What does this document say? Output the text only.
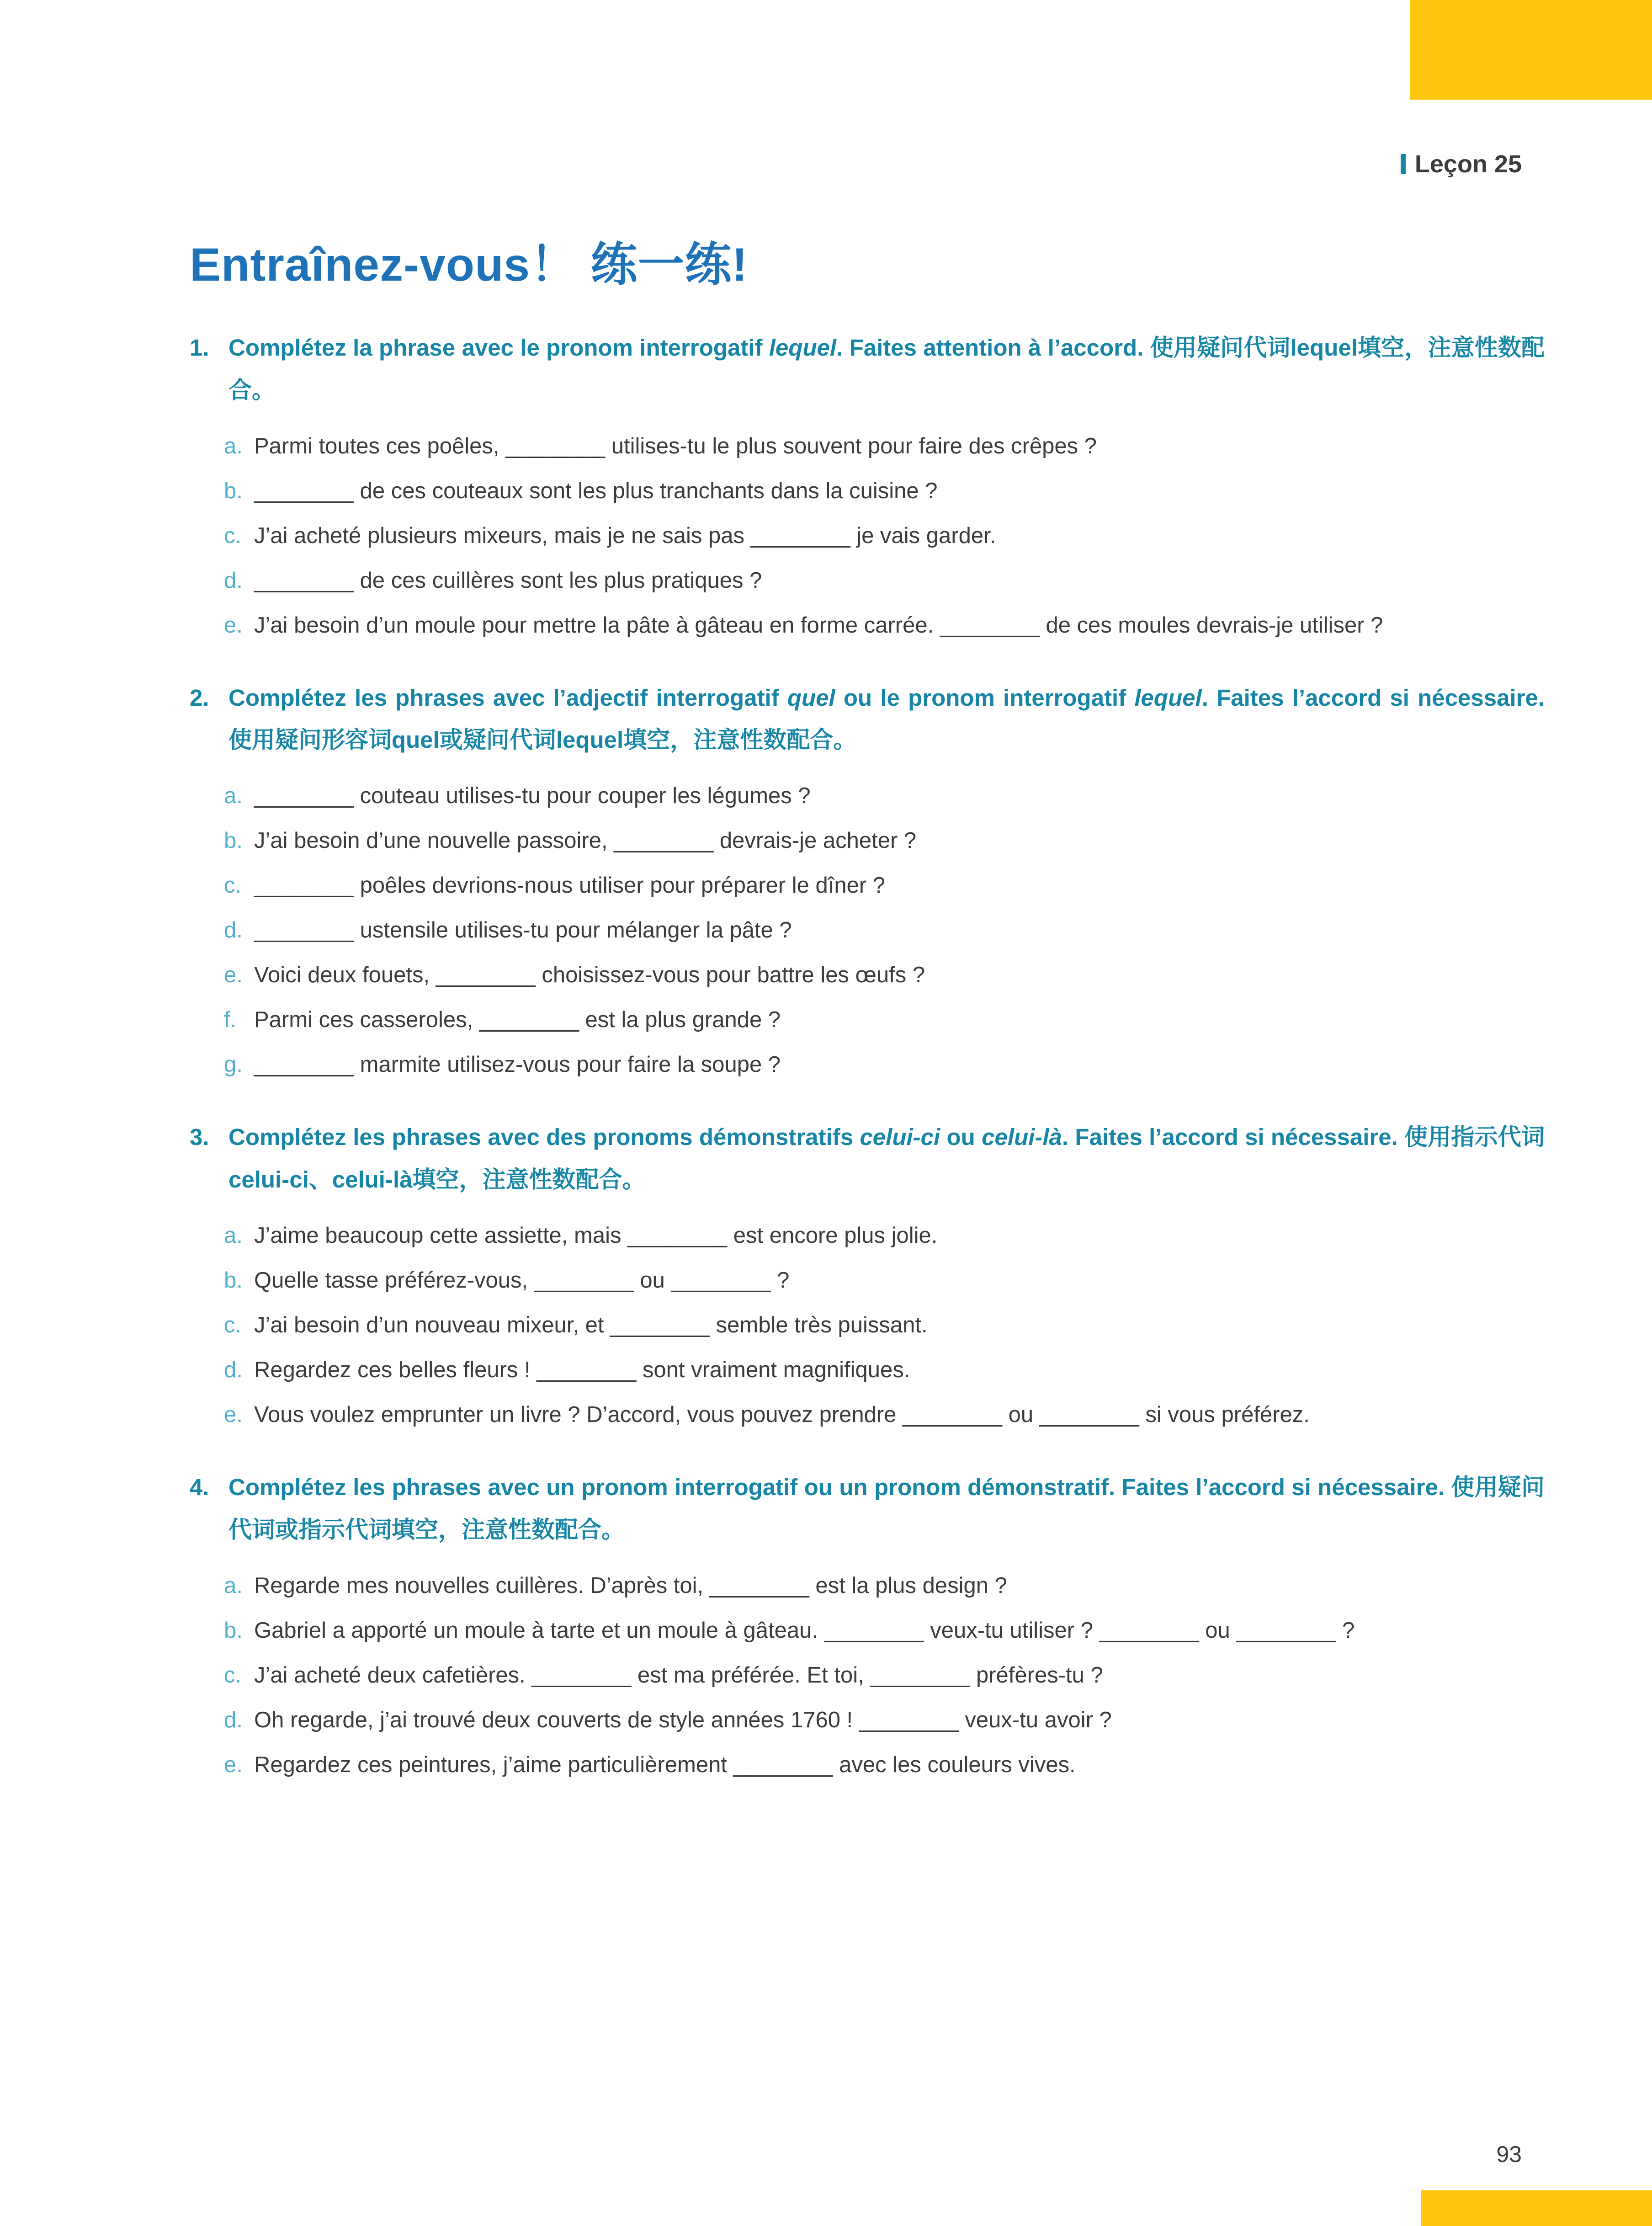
Leçon 25
Entraînez-vous！ 练一练!
1. Complétez la phrase avec le pronom interrogatif lequel. Faites attention à l’accord. 使用疑问代词lequel填空，注意性数配合。

a. Parmi toutes ces poêles, ________ utilises-tu le plus souvent pour faire des crêpes ?

b. ________ de ces couteaux sont les plus tranchants dans la cuisine ?

c. J’ai acheté plusieurs mixeurs, mais je ne sais pas ________ je vais garder.

d. ________ de ces cuillères sont les plus pratiques ?

e. J’ai besoin d’un moule pour mettre la pâte à gâteau en forme carrée. ________ de ces moules devrais-je utiliser ?

2. Complétez les phrases avec l’adjectif interrogatif quel ou le pronom interrogatif lequel. Faites l’accord si nécessaire. 使用疑问形容词quel或疑问代词lequel填空，注意性数配合。

a. ________ couteau utilises-tu pour couper les légumes ?

b. J’ai besoin d’une nouvelle passoire, ________ devrais-je acheter ?

c. ________ poêles devrions-nous utiliser pour préparer le dîner ?

d. ________ ustensile utilises-tu pour mélanger la pâte ?

e. Voici deux fouets, ________ choisissez-vous pour battre les œufs ?

f. Parmi ces casseroles, ________ est la plus grande ?

g. ________ marmite utilisez-vous pour faire la soupe ?

3. Complétez les phrases avec des pronoms démonstratifs celui-ci ou celui-là. Faites l’accord si nécessaire. 使用指示代词celui-ci、celui-là填空，注意性数配合。

a. J’aime beaucoup cette assiette, mais ________ est encore plus jolie.

b. Quelle tasse préférez-vous, ________ ou ________ ?

c. J’ai besoin d’un nouveau mixeur, et ________ semble très puissant.

d. Regardez ces belles fleurs ! ________ sont vraiment magnifiques.

e. Vous voulez emprunter un livre ? D’accord, vous pouvez prendre ________ ou ________ si vous préférez.

4. Complétez les phrases avec un pronom interrogatif ou un pronom démonstratif. Faites l’accord si nécessaire. 使用疑问代词或指示代词填空，注意性数配合。

a. Regarde mes nouvelles cuillères. D’après toi, ________ est la plus design ?

b. Gabriel a apporté un moule à tarte et un moule à gâteau. ________ veux-tu utiliser ? ________ ou ________ ?

c. J’ai acheté deux cafetières. ________ est ma préférée. Et toi, ________ préfères-tu ?

d. Oh regarde, j’ai trouvé deux couverts de style années 1760 ! ________ veux-tu avoir ?

e. Regardez ces peintures, j’aime particulièrement ________ avec les couleurs vives.

93
